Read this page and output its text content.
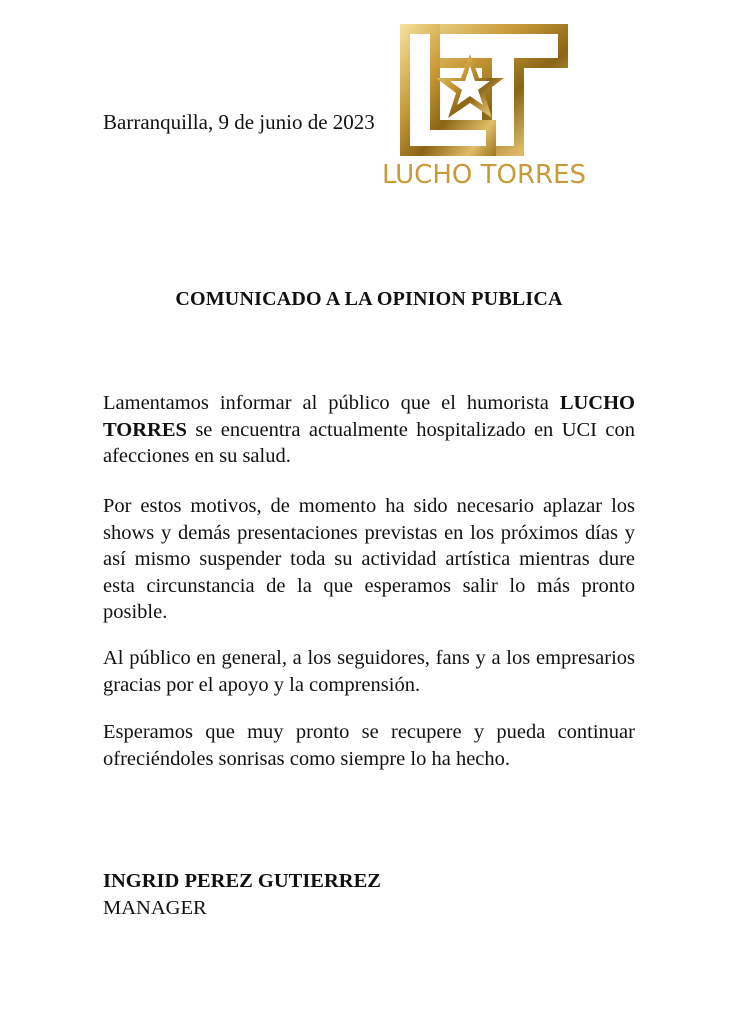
LUCHO TORRES
Barranquilla, 9 de junio de 2023
COMUNICADO A LA OPINION PUBLICA
Lamentamos informar al público que el humorista LUCHO TORRES se encuentra actualmente hospitalizado en UCI con afecciones en su salud.
Por estos motivos, de momento ha sido necesario aplazar los shows y demás presentaciones previstas en los próximos días y así mismo suspender toda su actividad artística mientras dure esta circunstancia de la que esperamos salir lo más pronto posible.
Al público en general, a los seguidores, fans y a los empresarios gracias por el apoyo y la comprensión.
Esperamos que muy pronto se recupere y pueda continuar ofreciéndoles sonrisas como siempre lo ha hecho.
INGRID PEREZ GUTIERREZ
MANAGER
